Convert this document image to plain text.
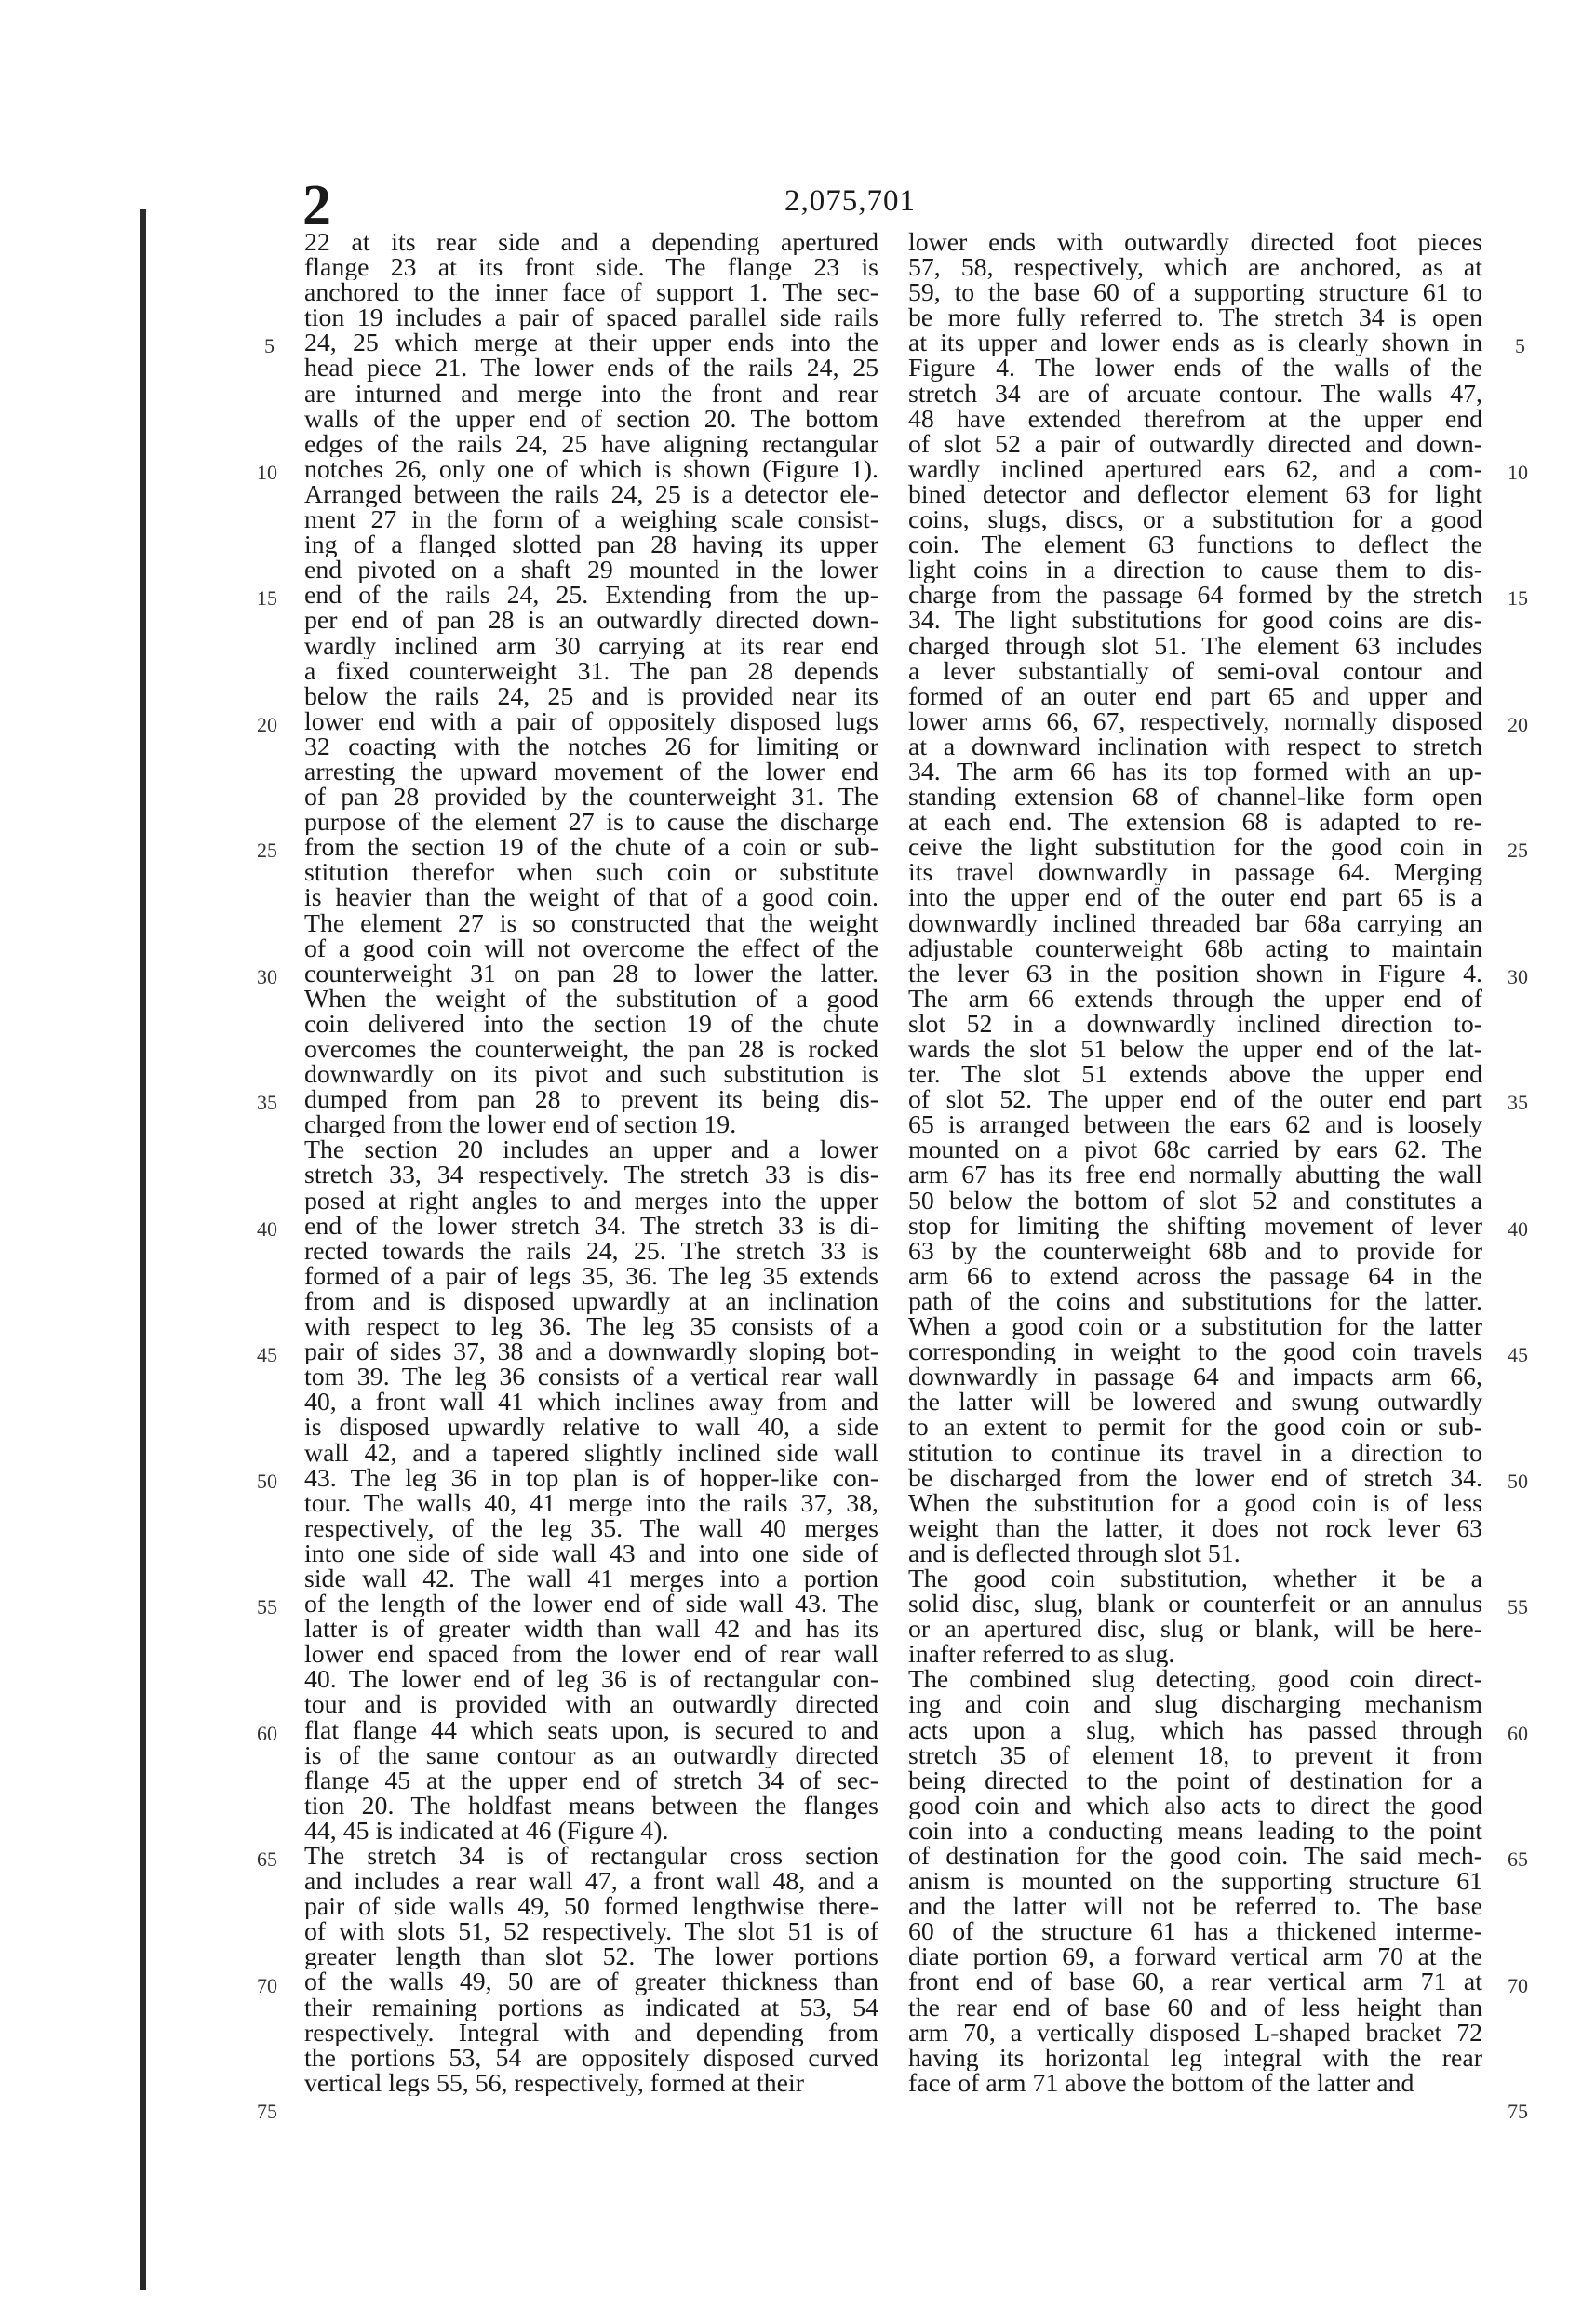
2	2,075,701
5
10
15
20
25
30
35
40
45
50
55
60
65
70
75
22 at its rear side and a depending apertured
flange 23 at its front side. The flange 23 is
anchored to the inner face of support 1. The sec-
tion 19 includes a pair of spaced parallel side rails
24, 25 which merge at their upper ends into the
head piece 21. The lower ends of the rails 24, 25
are inturned and merge into the front and rear
walls of the upper end of section 20. The bottom
edges of the rails 24, 25 have aligning rectangular
notches 26, only one of which is shown (Figure 1).
Arranged between the rails 24, 25 is a detector ele-
ment 27 in the form of a weighing scale consist-
ing of a flanged slotted pan 28 having its upper
end pivoted on a shaft 29 mounted in the lower
end of the rails 24, 25. Extending from the up-
per end of pan 28 is an outwardly directed down-
wardly inclined arm 30 carrying at its rear end
a fixed counterweight 31. The pan 28 depends
below the rails 24, 25 and is provided near its
lower end with a pair of oppositely disposed lugs
32 coacting with the notches 26 for limiting or
arresting the upward movement of the lower end
of pan 28 provided by the counterweight 31. The
purpose of the element 27 is to cause the discharge
from the section 19 of the chute of a coin or sub-
stitution therefor when such coin or substitute
is heavier than the weight of that of a good coin.
The element 27 is so constructed that the weight
of a good coin will not overcome the effect of the
counterweight 31 on pan 28 to lower the latter.
When the weight of the substitution of a good
coin delivered into the section 19 of the chute
overcomes the counterweight, the pan 28 is rocked
downwardly on its pivot and such substitution is
dumped from pan 28 to prevent its being dis-
charged from the lower end of section 19.
The section 20 includes an upper and a lower
stretch 33, 34 respectively. The stretch 33 is dis-
posed at right angles to and merges into the upper
end of the lower stretch 34. The stretch 33 is di-
rected towards the rails 24, 25. The stretch 33 is
formed of a pair of legs 35, 36. The leg 35 extends
from and is disposed upwardly at an inclination
with respect to leg 36. The leg 35 consists of a
pair of sides 37, 38 and a downwardly sloping bot-
tom 39. The leg 36 consists of a vertical rear wall
40, a front wall 41 which inclines away from and
is disposed upwardly relative to wall 40, a side
wall 42, and a tapered slightly inclined side wall
43. The leg 36 in top plan is of hopper-like con-
tour. The walls 40, 41 merge into the rails 37, 38,
respectively, of the leg 35. The wall 40 merges
into one side of side wall 43 and into one side of
side wall 42. The wall 41 merges into a portion
of the length of the lower end of side wall 43. The
latter is of greater width than wall 42 and has its
lower end spaced from the lower end of rear wall
40. The lower end of leg 36 is of rectangular con-
tour and is provided with an outwardly directed
flat flange 44 which seats upon, is secured to and
is of the same contour as an outwardly directed
flange 45 at the upper end of stretch 34 of sec-
tion 20. The holdfast means between the flanges
44, 45 is indicated at 46 (Figure 4).
The stretch 34 is of rectangular cross section
and includes a rear wall 47, a front wall 48, and a
pair of side walls 49, 50 formed lengthwise there-
of with slots 51, 52 respectively. The slot 51 is of
greater length than slot 52. The lower portions
of the walls 49, 50 are of greater thickness than
their remaining portions as indicated at 53, 54
respectively. Integral with and depending from
the portions 53, 54 are oppositely disposed curved
vertical legs 55, 56, respectively, formed at their
lower ends with outwardly directed foot pieces
57, 58, respectively, which are anchored, as at
59, to the base 60 of a supporting structure 61 to
be more fully referred to. The stretch 34 is open
at its upper and lower ends as is clearly shown in
Figure 4. The lower ends of the walls of the
stretch 34 are of arcuate contour. The walls 47,
48 have extended therefrom at the upper end
of slot 52 a pair of outwardly directed and down-
wardly inclined apertured ears 62, and a com-
bined detector and deflector element 63 for light
coins, slugs, discs, or a substitution for a good
coin. The element 63 functions to deflect the
light coins in a direction to cause them to dis-
charge from the passage 64 formed by the stretch
34. The light substitutions for good coins are dis-
charged through slot 51. The element 63 includes
a lever substantially of semi-oval contour and
formed of an outer end part 65 and upper and
lower arms 66, 67, respectively, normally disposed
at a downward inclination with respect to stretch
34. The arm 66 has its top formed with an up-
standing extension 68 of channel-like form open
at each end. The extension 68 is adapted to re-
ceive the light substitution for the good coin in
its travel downwardly in passage 64. Merging
into the upper end of the outer end part 65 is a
downwardly inclined threaded bar 68a carrying an
adjustable counterweight 68b acting to maintain
the lever 63 in the position shown in Figure 4.
The arm 66 extends through the upper end of
slot 52 in a downwardly inclined direction to-
wards the slot 51 below the upper end of the lat-
ter. The slot 51 extends above the upper end
of slot 52. The upper end of the outer end part
65 is arranged between the ears 62 and is loosely
mounted on a pivot 68c carried by ears 62. The
arm 67 has its free end normally abutting the wall
50 below the bottom of slot 52 and constitutes a
stop for limiting the shifting movement of lever
63 by the counterweight 68b and to provide for
arm 66 to extend across the passage 64 in the
path of the coins and substitutions for the latter.
When a good coin or a substitution for the latter
corresponding in weight to the good coin travels
downwardly in passage 64 and impacts arm 66,
the latter will be lowered and swung outwardly
to an extent to permit for the good coin or sub-
stitution to continue its travel in a direction to
be discharged from the lower end of stretch 34.
When the substitution for a good coin is of less
weight than the latter, it does not rock lever 63
and is deflected through slot 51.
The good coin substitution, whether it be a
solid disc, slug, blank or counterfeit or an annulus
or an apertured disc, slug or blank, will be here-
inafter referred to as slug.
The combined slug detecting, good coin direct-
ing and coin and slug discharging mechanism
acts upon a slug, which has passed through
stretch 35 of element 18, to prevent it from
being directed to the point of destination for a
good coin and which also acts to direct the good
coin into a conducting means leading to the point
of destination for the good coin. The said mech-
anism is mounted on the supporting structure 61
and the latter will not be referred to. The base
60 of the structure 61 has a thickened interme-
diate portion 69, a forward vertical arm 70 at the
front end of base 60, a rear vertical arm 71 at
the rear end of base 60 and of less height than
arm 70, a vertically disposed L-shaped bracket 72
having its horizontal leg integral with the rear
face of arm 71 above the bottom of the latter and
5
10
15
20
25
30
35
40
45
50
55
60
65
70
75
